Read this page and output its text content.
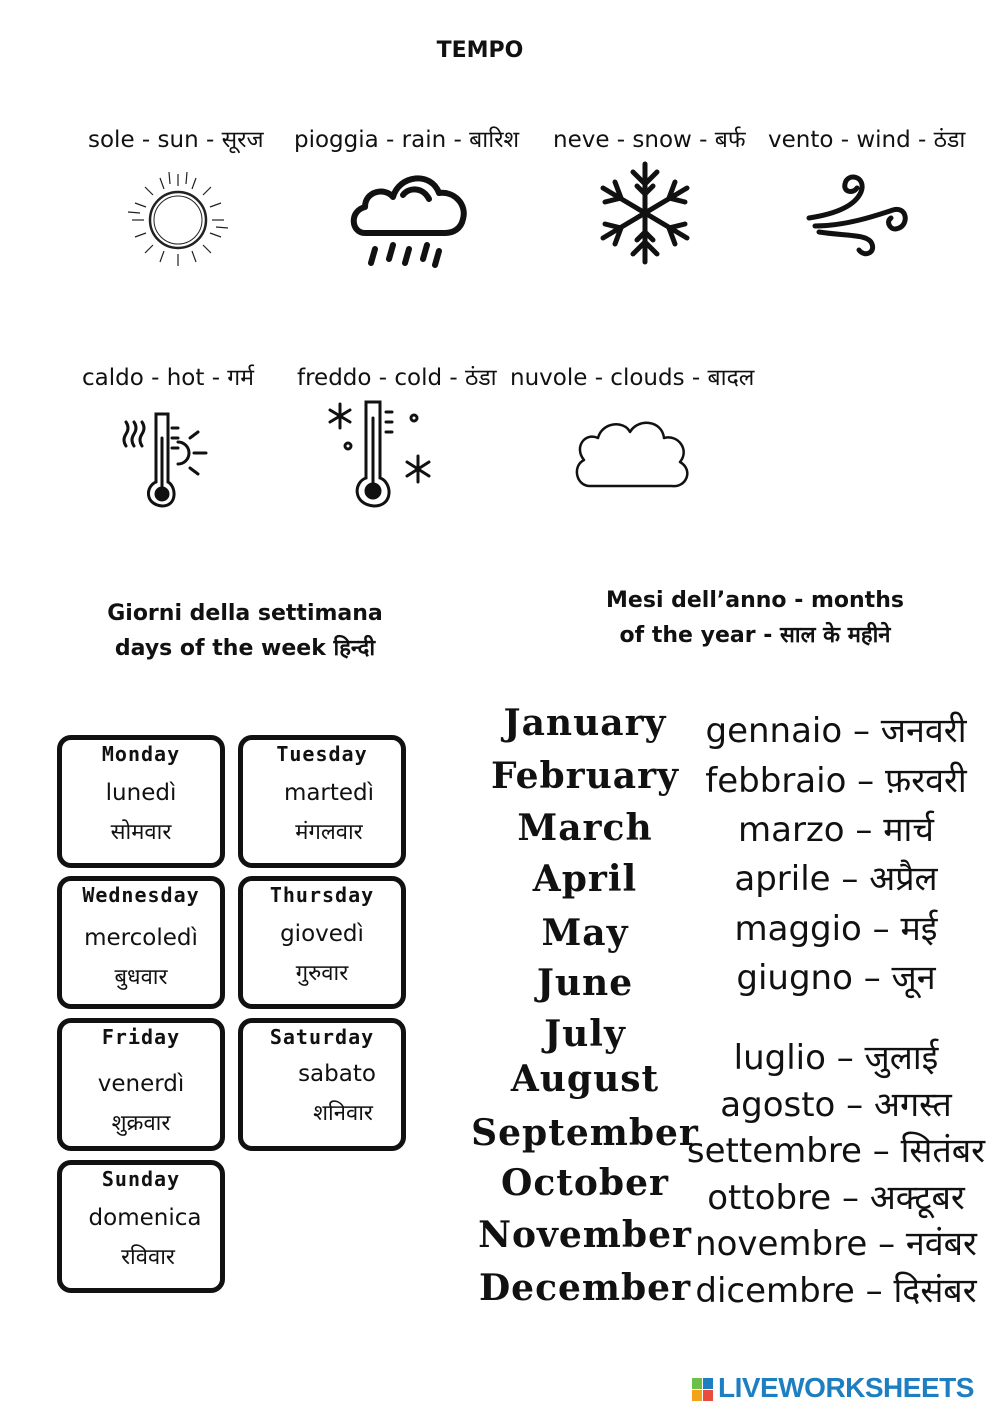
TEMPO
sole - sun - सूरज pioggia - rain - बारिश neve - snow - बर्फ vento - wind - ठंडा
caldo - hot - गर्म freddo - cold - ठंडा nuvole - clouds - बादल
Giorni della settimana
days of the week हिन्दी
Mesi dell’anno - months
of the year - साल के महीने
Monday
lunedì
सोमवार
Tuesday
martedì
मंगलवार
Wednesday
mercoledì
बुधवार
Thursday
giovedì
गुरुवार
Friday
venerdì
शुक्रवार
Saturday
sabato
शनिवार
Sunday
domenica
रविवार
January
February
March
April
May
June
July
August
September
October
November
December
gennaio – जनवरी
febbraio – फ़रवरी
marzo – मार्च
aprile – अप्रैल
maggio – मई
giugno – जून
luglio – जुलाई
agosto – अगस्त
settembre – सितंबर
ottobre – अक्टूबर
novembre – नवंबर
dicembre – दिसंबर
LIVEWORKSHEETS
